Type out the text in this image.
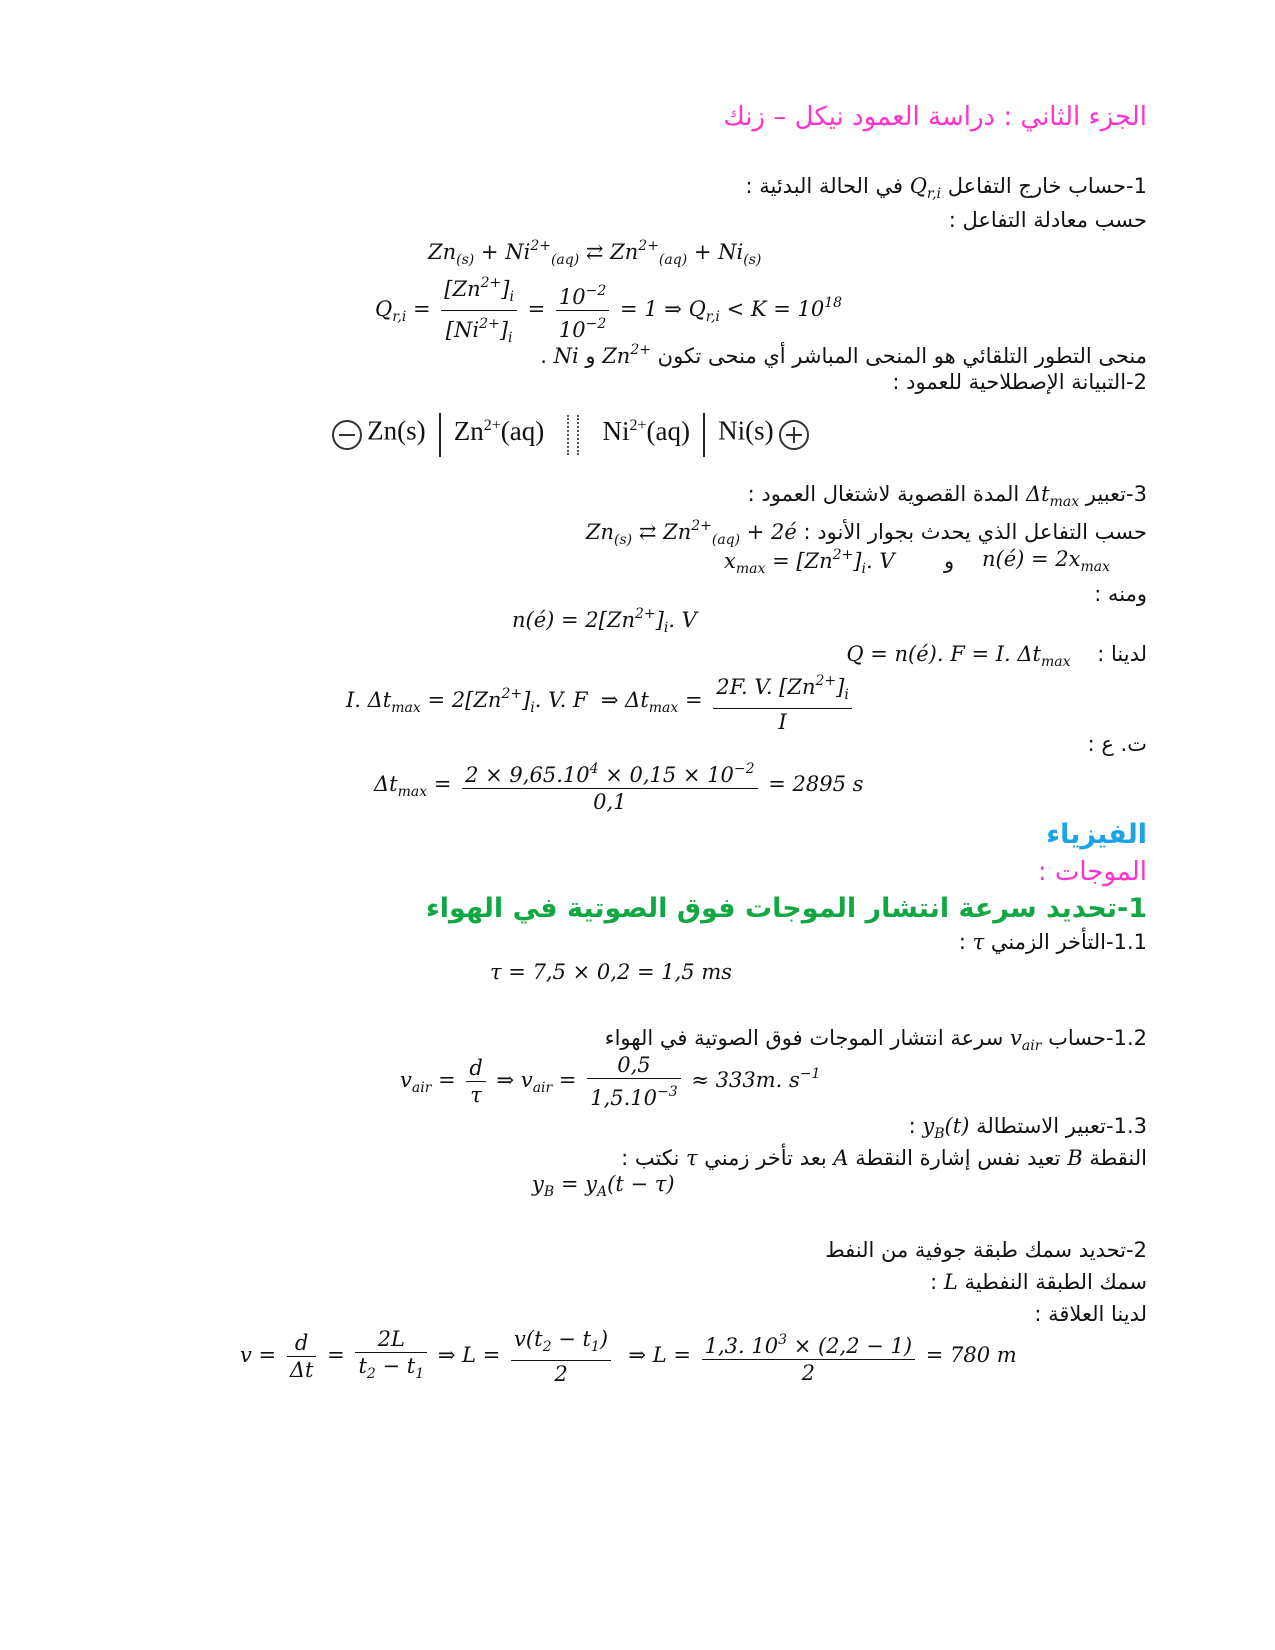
الجزء الثاني : دراسة العمود نيكل – زنك
1-حساب خارج التفاعل $Q_{r,i}$ في الحالة البدئية :
حسب معادلة التفاعل :
$Zn_{(s)} + Ni^{2+}_{(aq)}$ ⇄ $Zn^{2+}_{(aq)} + Ni_{(s)}$
$Q_{r,i} = \frac{[Zn^{2+}]_i}{[Ni^{2+}]_i} = \frac{10^{-2}}{10^{-2}} = 1$ ⇒ $Q_{r,i} < K = 10^{18}$
منحى التطور التلقائي هو المنحى المباشر أي منحى تكون $Zn^{2+}$ و Ni .
2-التبيانة الإصطلاحية للعمود :
Zn(s) $Zn^{2+}(aq)$ $Ni^{2+}(aq)$ Ni(s)
3-تعبير $\Delta t_{max}$ المدة القصوية لاشتغال العمود :
حسب التفاعل الذي يحدث بجوار الأنود : $Zn_{(s)}$ ⇄ $Zn^{2+}_{(aq)}$ + 2é
$x_{max} = [Zn^{2+}]_i$. V و n(é) = $2x_{max}$
ومنه :
n(é) = $2[Zn^{2+}]_i$. V
لدينا :    Q = n(é). F = I. $\Delta t_{max}$
I. $\Delta t_{max} = 2[Zn^{2+}]_i$. V. F  ⇒ $\Delta t_{max} = \frac{2F. V. [Zn^{2+}]_i}{I}$
ت. ع :
$\Delta t_{max} = \frac{2 \times 9,65.10^4 \times 0,15 \times 10^{-2}}{0,1} = 2895$ s
الفيزياء
الموجات :
1-تحديد سرعة انتشار الموجات فوق الصوتية في الهواء
1.1-التأخر الزمني τ :
τ = 7,5 × 0,2 = 1,5 ms
1.2-حساب $v_{air}$ سرعة انتشار الموجات فوق الصوتية في الهواء
$v_{air} = \frac{d}{\tau}$ ⇒ $v_{air} = \frac{0,5}{1,5.10^{-3}} \approx 333m$. $s^{-1}$
1.3-تعبير الاستطالة $y_B(t)$ :
النقطة B تعيد نفس إشارة النقطة A بعد تأخر زمني τ نكتب :
$y_B = y_A(t - \tau)$
2-تحديد سمك طبقة جوفية من النفط
سمك الطبقة النفطية L :
لدينا العلاقة :
$v = \frac{d}{\Delta t} = \frac{2L}{t_2 - t_1}$ ⇒ $L = \frac{v(t_2 - t_1)}{2}$ ⇒ $L = \frac{1,3. 10^3 \times (2,2 - 1)}{2} = 780$ m
